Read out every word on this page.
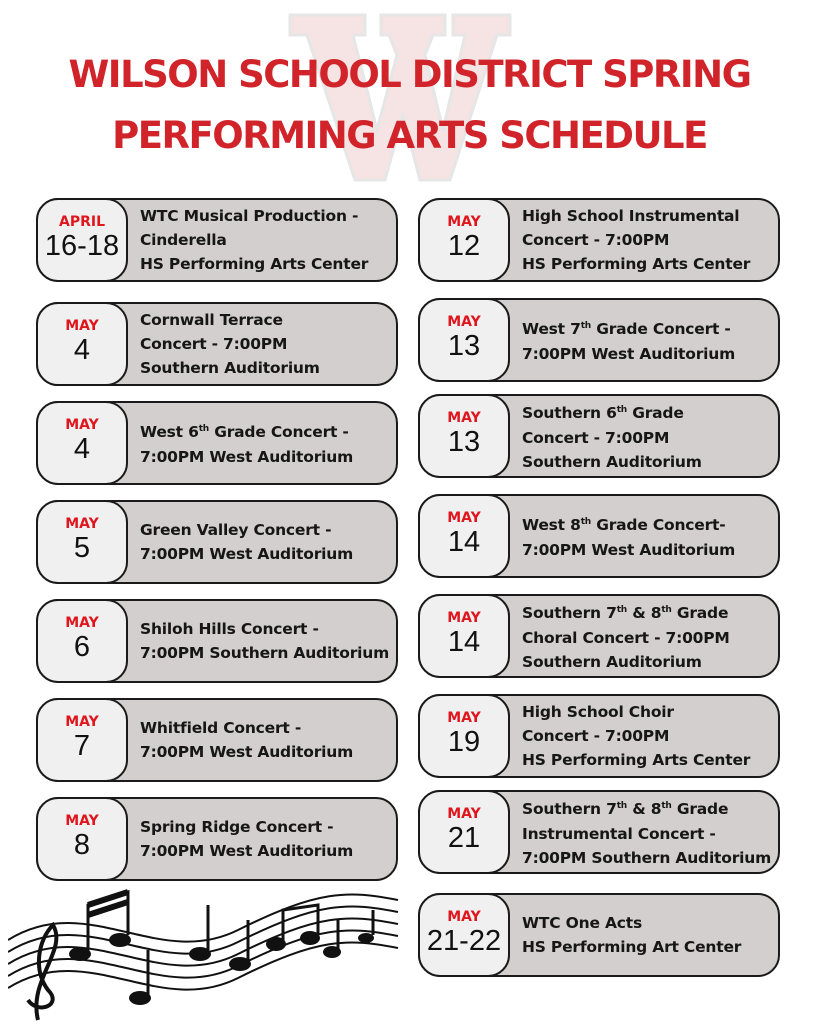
WILSON SCHOOL DISTRICT SPRING
PERFORMING ARTS SCHEDULE
APRIL
16-18
WTC Musical Production -
Cinderella
HS Performing Arts Center
MAY
4
Cornwall Terrace
Concert - 7:00PM
Southern Auditorium
MAY
4
West 6th Grade Concert -
7:00PM West Auditorium
MAY
5
Green Valley Concert -
7:00PM West Auditorium
MAY
6
Shiloh Hills Concert -
7:00PM Southern Auditorium
MAY
7
Whitfield Concert -
7:00PM West Auditorium
MAY
8
Spring Ridge Concert -
7:00PM West Auditorium
MAY
12
High School Instrumental
Concert - 7:00PM
HS Performing Arts Center
MAY
13
West 7th Grade Concert -
7:00PM West Auditorium
MAY
13
Southern 6th Grade
Concert - 7:00PM
Southern Auditorium
MAY
14
West 8th Grade Concert-
7:00PM West Auditorium
MAY
14
Southern 7th & 8th Grade
Choral Concert - 7:00PM
Southern Auditorium
MAY
19
High School Choir
Concert - 7:00PM
HS Performing Arts Center
MAY
21
Southern 7th & 8th Grade
Instrumental Concert -
7:00PM Southern Auditorium
MAY
21-22
WTC One Acts
HS Performing Art Center
